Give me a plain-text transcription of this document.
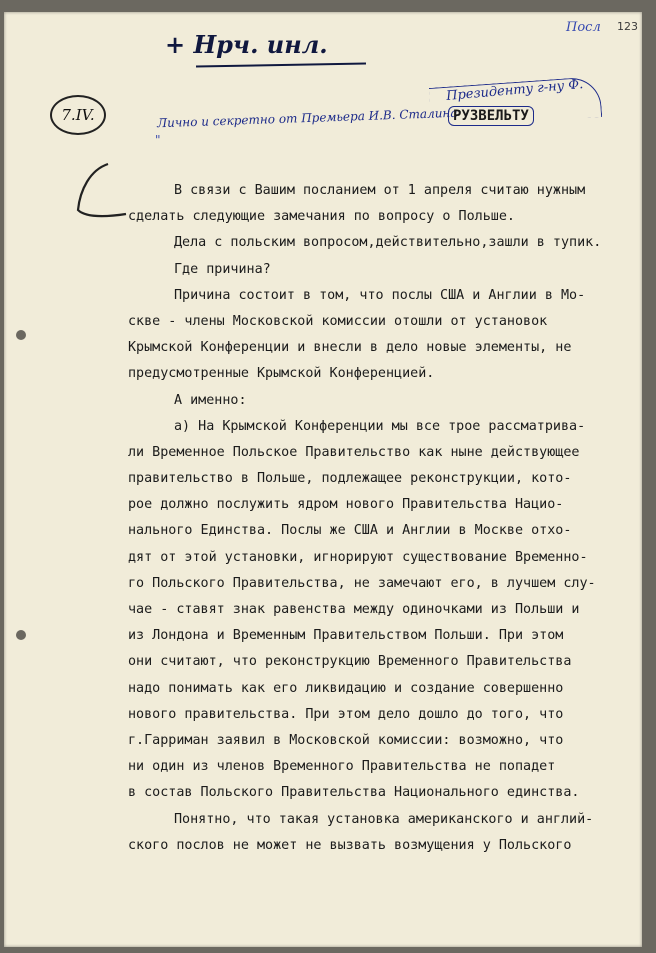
+ Нрч. инл.
Посл 123
7.IV.
Президенту г-ну Ф.
Лично и секретно от Премьера И.В. Сталина
"
РУЗВЕЛЬТУ
L
В связи с Вашим посланием от 1 апреля считаю нужным
сделать следующие замечания по вопросу о Польше.
Дела с польским вопросом,действительно,зашли в тупик.
Где причина?
Причина состоит в том, что послы США и Англии в Мо-
скве - члены Московской комиссии отошли от установок
Крымской Конференции и внесли в дело новые элементы, не
предусмотренные Крымской Конференцией.
А именно:
а) На Крымской Конференции мы все трое рассматрива-
ли Временное Польское Правительство как ныне действующее
правительство в Польше, подлежащее реконструкции, кото-
рое должно послужить ядром нового Правительства Нацио-
нального Единства. Послы же США и Англии в Москве отхо-
дят от этой установки, игнорируют существование Временно-
го Польского Правительства, не замечают его, в лучшем слу-
чае - ставят знак равенства между одиночками из Польши и
из Лондона и Временным Правительством Польши. При этом
они считают, что реконструкцию Временного Правительства
надо понимать как его ликвидацию и создание совершенно
нового правительства. При этом дело дошло до того, что
г.Гарриман заявил в Московской комиссии: возможно, что
ни один из членов Временного Правительства не попадет
в состав Польского Правительства Национального единства.
Понятно, что такая установка американского и англий-
ского послов не может не вызвать возмущения у Польского
